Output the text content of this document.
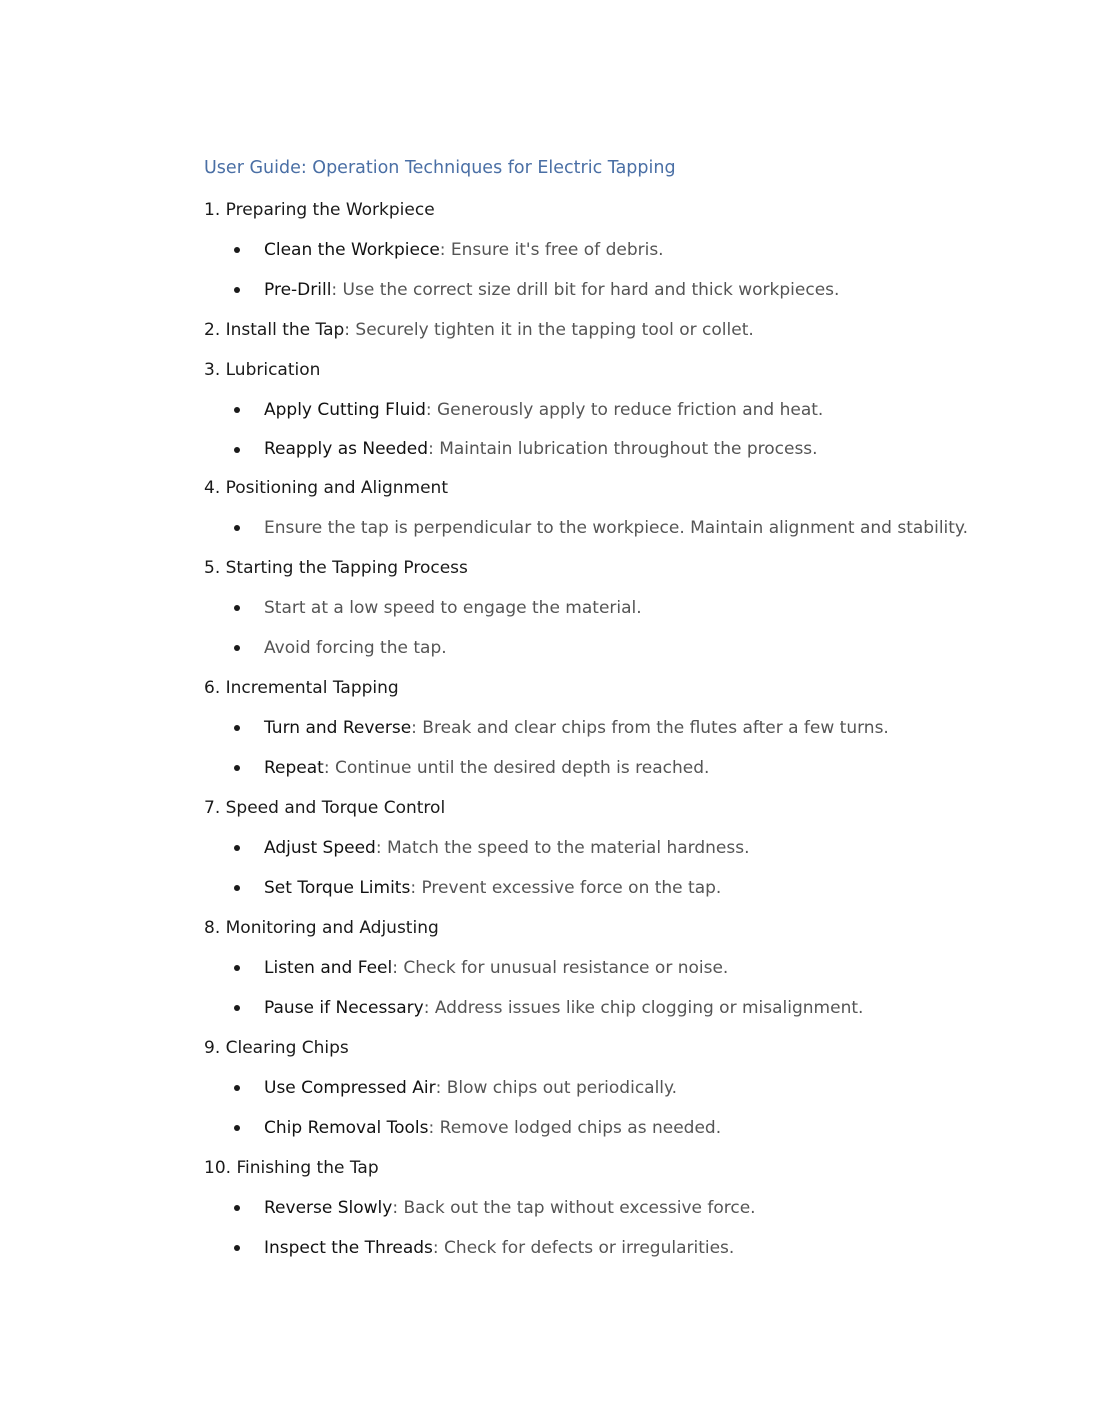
User Guide: Operation Techniques for Electric Tapping
1. Preparing the Workpiece
Clean the Workpiece: Ensure it's free of debris.
Pre-Drill: Use the correct size drill bit for hard and thick workpieces.
2. Install the Tap: Securely tighten it in the tapping tool or collet.
3. Lubrication
Apply Cutting Fluid: Generously apply to reduce friction and heat.
Reapply as Needed: Maintain lubrication throughout the process.
4. Positioning and Alignment
Ensure the tap is perpendicular to the workpiece. Maintain alignment and stability.
5. Starting the Tapping Process
Start at a low speed to engage the material.
Avoid forcing the tap.
6. Incremental Tapping
Turn and Reverse: Break and clear chips from the flutes after a few turns.
Repeat: Continue until the desired depth is reached.
7. Speed and Torque Control
Adjust Speed: Match the speed to the material hardness.
Set Torque Limits: Prevent excessive force on the tap.
8. Monitoring and Adjusting
Listen and Feel: Check for unusual resistance or noise.
Pause if Necessary: Address issues like chip clogging or misalignment.
9. Clearing Chips
Use Compressed Air: Blow chips out periodically.
Chip Removal Tools: Remove lodged chips as needed.
10. Finishing the Tap
Reverse Slowly: Back out the tap without excessive force.
Inspect the Threads: Check for defects or irregularities.
